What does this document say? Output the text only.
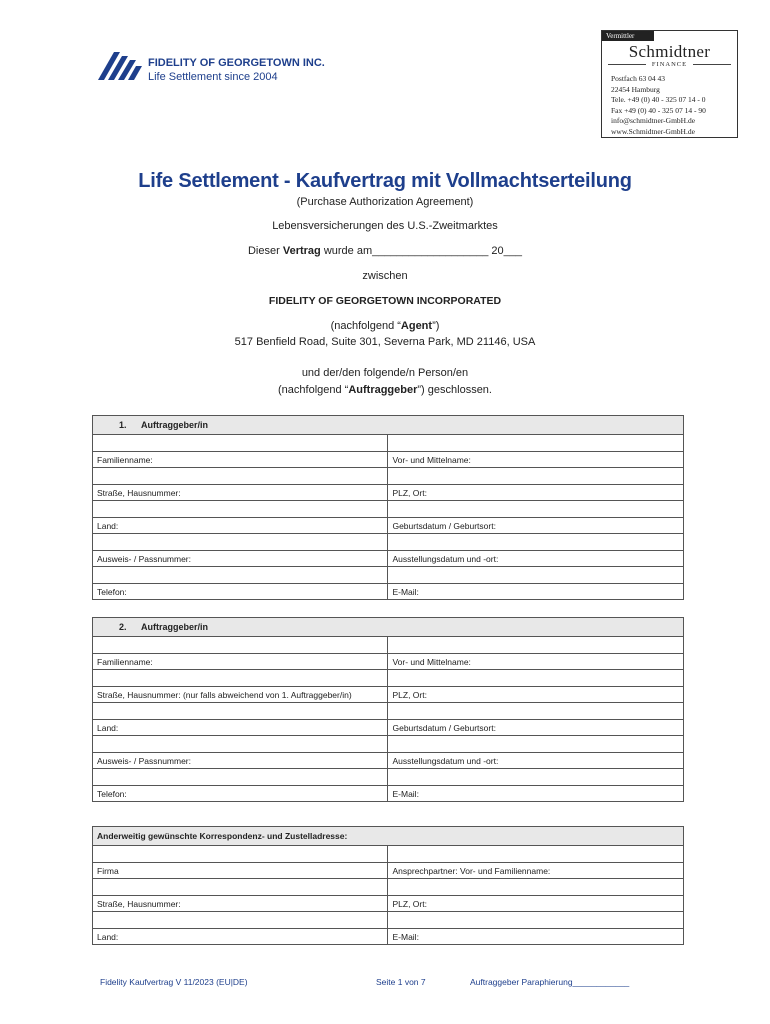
FIDELITY OF GEORGETOWN INC.
Life Settlement since 2004
Vermittler
Schmidtner
FINANCE
Postfach 63 04 43
22454 Hamburg
Tele. +49 (0) 40 - 325 07 14 - 0
Fax +49 (0) 40 - 325 07 14 - 90
info@schmidtner-GmbH.de
www.Schmidtner-GmbH.de
Life Settlement - Kaufvertrag mit Vollmachtserteilung
(Purchase Authorization Agreement)
Lebensversicherungen des U.S.-Zweitmarktes
Dieser Vertrag wurde am___________________ 20___
zwischen
FIDELITY OF GEORGETOWN INCORPORATED
(nachfolgend “Agent”)
517 Benfield Road, Suite 301, Severna Park, MD 21146, USA
und der/den folgende/n Person/en
(nachfolgend “Auftraggeber”) geschlossen.
1. Auftraggeber/in	

Familienname:	Vor- und Mittelname:

Straße, Hausnummer:	PLZ, Ort:

Land:	Geburtsdatum / Geburtsort:

Ausweis- / Passnummer:	Ausstellungsdatum und -ort:

Telefon:	E-Mail:
2. Auftraggeber/in	

Familienname:	Vor- und Mittelname:

Straße, Hausnummer: (nur falls abweichend von 1. Auftraggeber/in)	PLZ, Ort:

Land:	Geburtsdatum / Geburtsort:

Ausweis- / Passnummer:	Ausstellungsdatum und -ort:

Telefon:	E-Mail:
Anderweitig gewünschte Korrespondenz- und Zustelladresse:	

Firma	Ansprechpartner: Vor- und Familienname:

Straße, Hausnummer:	PLZ, Ort:

Land:	E-Mail:
Fidelity Kaufvertrag V 11/2023 (EU|DE)	Seite 1 von 7	Auftraggeber Paraphierung____________
